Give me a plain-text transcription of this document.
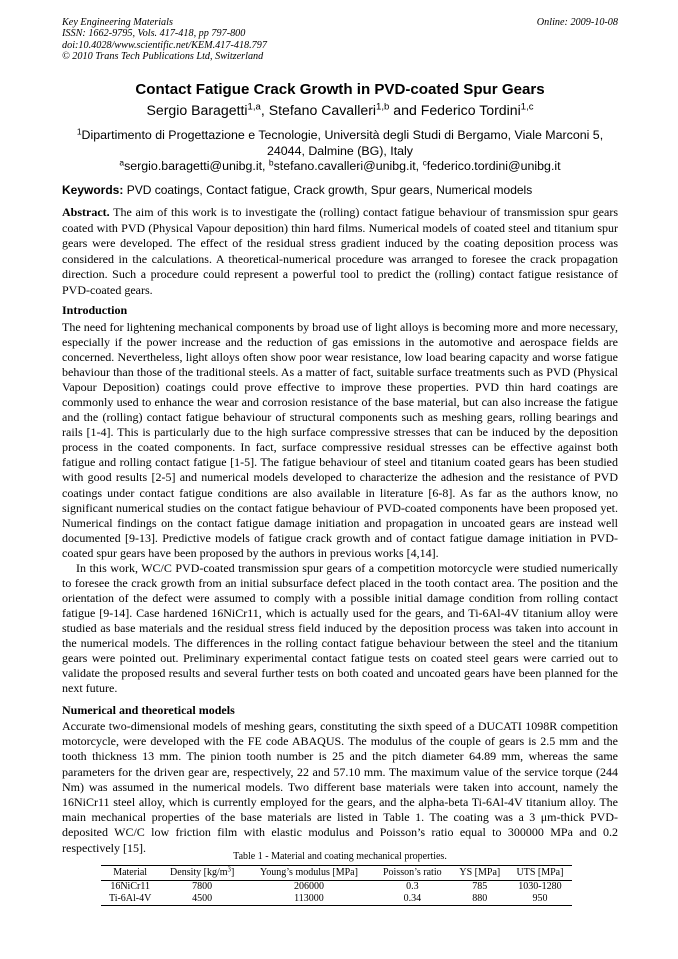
Key Engineering Materials
ISSN: 1662-9795, Vols. 417-418, pp 797-800
doi:10.4028/www.scientific.net/KEM.417-418.797
© 2010 Trans Tech Publications Ltd, Switzerland
Online: 2009-10-08
Contact Fatigue Crack Growth in PVD-coated Spur Gears
Sergio Baragetti$^{1,a}$, Stefano Cavalleri$^{1,b}$ and Federico Tordini$^{1,c}$
$^1$Dipartimento di Progettazione e Tecnologie, Università degli Studi di Bergamo, Viale Marconi 5,
24044, Dalmine (BG), Italy
$^a$sergio.baragetti@unibg.it, $^b$stefano.cavalleri@unibg.it, $^c$federico.tordini@unibg.it
Keywords: PVD coatings, Contact fatigue, Crack growth, Spur gears, Numerical models
Abstract. The aim of this work is to investigate the (rolling) contact fatigue behaviour of transmission spur gears coated with PVD (Physical Vapour deposition) thin hard films. Numerical models of coated steel and titanium spur gears were developed. The effect of the residual stress gradient induced by the coating deposition process was considered in the calculations. A theoretical-numerical procedure was arranged to foresee the crack propagation direction. Such a procedure could represent a powerful tool to predict the (rolling) contact fatigue resistance of PVD-coated gears.
Introduction

The need for lightening mechanical components by broad use of light alloys is becoming more and more necessary, especially if the power increase and the reduction of gas emissions in the automotive and aerospace fields are concerned. Nevertheless, light alloys often show poor wear resistance, low load bearing capacity and worse fatigue behaviour than those of the traditional steels. As a matter of fact, suitable surface treatments such as PVD (Physical Vapour Deposition) coatings could prove effective to improve these properties. PVD thin hard coatings are commonly used to enhance the wear and corrosion resistance of the base material, but can also increase the fatigue and the (rolling) contact fatigue behaviour of structural components such as meshing gears, rolling bearings and rails [1-4]. This is particularly due to the high surface compressive stresses that can be induced by the deposition process in the coated components. In fact, surface compressive residual stresses can be effective against both fatigue and rolling contact fatigue [1-5]. The fatigue behaviour of steel and titanium coated gears has been studied with good results [2-5] and numerical models developed to characterize the adhesion and the resistance of PVD coatings under contact fatigue conditions are also available in literature [6-8]. As far as the authors know, no significant numerical studies on the contact fatigue behaviour of PVD-coated components have been proposed yet. Numerical findings on the contact fatigue damage initiation and propagation in uncoated gears are instead well documented [9-13]. Predictive models of fatigue crack growth and of contact fatigue damage initiation in PVD-coated spur gears have been proposed by the authors in previous works [4,14].

In this work, WC/C PVD-coated transmission spur gears of a competition motorcycle were studied numerically to foresee the crack growth from an initial subsurface defect placed in the tooth contact area. The position and the orientation of the defect were assumed to comply with a possible initial damage condition from rolling contact fatigue [9-14]. Case hardened 16NiCr11, which is actually used for the gears, and Ti-6Al-4V titanium alloy were studied as base materials and the residual stress field induced by the deposition process was taken into account in the numerical models. The differences in the rolling contact fatigue behaviour between the steel and the titanium gears were pointed out. Preliminary experimental contact fatigue tests on coated steel gears were carried out to validate the proposed results and several further tests on both coated and uncoated gears have been planned for the next future.

Numerical and theoretical models

Accurate two-dimensional models of meshing gears, constituting the sixth speed of a DUCATI 1098R competition motorcycle, were developed with the FE code ABAQUS. The modulus of the couple of gears is 2.5 mm and the tooth thickness 13 mm. The pinion tooth number is 25 and the pitch diameter 64.89 mm, whereas the same parameters for the driven gear are, respectively, 22 and 57.10 mm. The maximum value of the service torque (244 Nm) was assumed in the numerical models. Two different base materials were taken into account, namely the 16NiCr11 steel alloy, which is currently employed for the gears, and the alpha-beta Ti-6Al-4V titanium alloy. The main mechanical properties of the base materials are listed in Table 1. The coating was a 3 μm-thick PVD-deposited WC/C low friction film with elastic modulus and Poisson’s ratio equal to 300000 MPa and 0.2 respectively [15].

Table 1 - Material and coating mechanical properties.
Material	Density $[kg/m^3]$	Young’s modulus [MPa]	Poisson’s ratio	YS [MPa]	UTS [MPa]
16NiCr11	7800	206000	0.3	785	1030-1280
Ti-6Al-4V	4500	113000	0.34	880	950
